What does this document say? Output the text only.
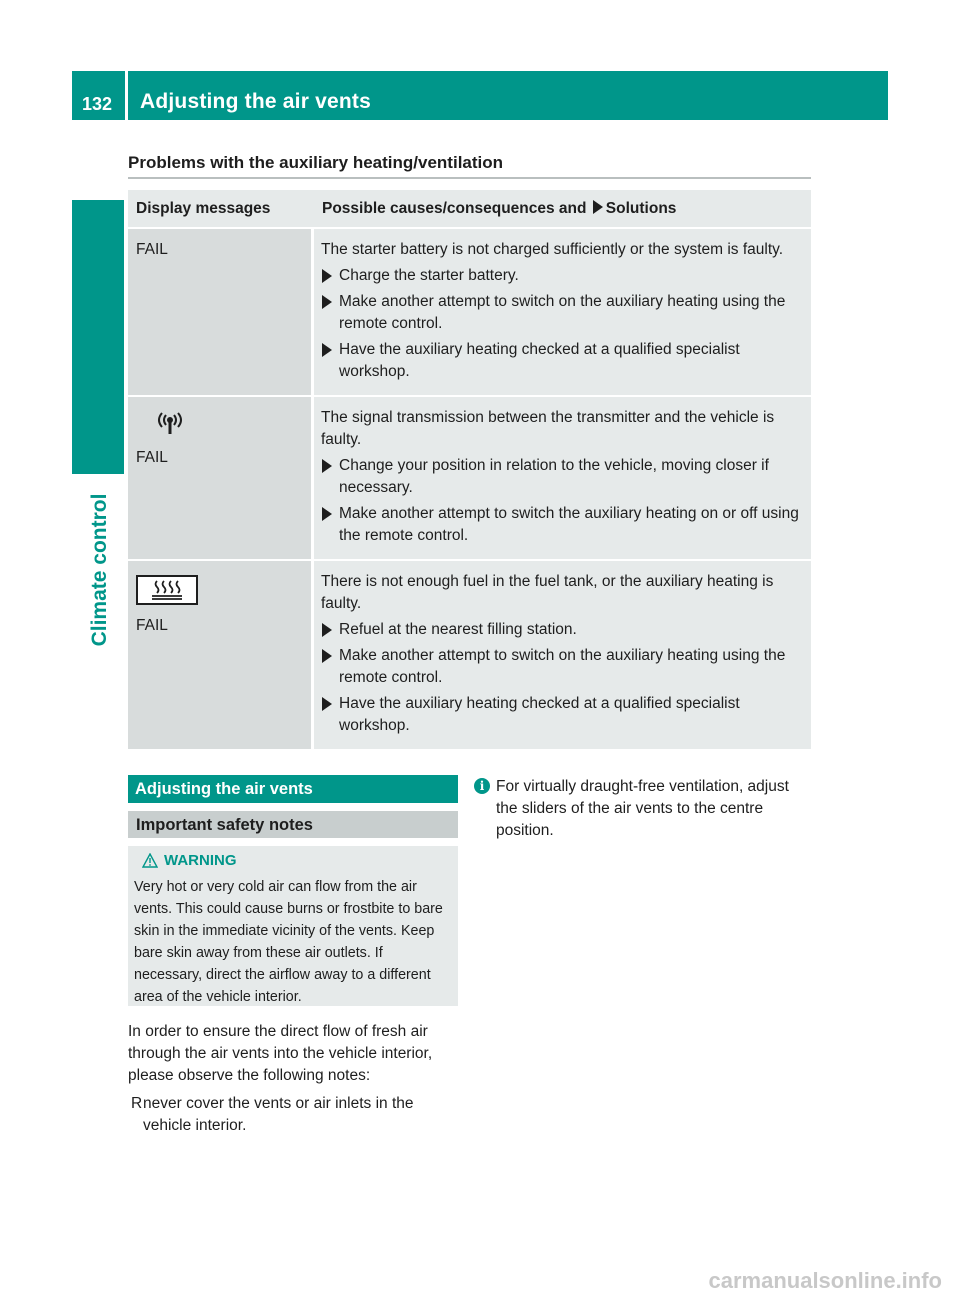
132 Adjusting the air vents
Climate control
Problems with the auxiliary heating/ventilation
Display messages	Possible causes/consequences and Solutions

FAIL	The starter battery is not charged sufficiently or the system is faulty.

Charge the starter battery.
Make another attempt to switch on the auxiliary heating using the remote control.
Have the auxiliary heating checked at a qualified specialist workshop.

FAIL	The signal transmission between the transmitter and the vehicle is faulty.

Change your position in relation to the vehicle, moving closer if necessary.
Make another attempt to switch the auxiliary heating on or off using the remote control.

FAIL	There is not enough fuel in the fuel tank, or the auxiliary heating is faulty.

Refuel at the nearest filling station.
Make another attempt to switch on the auxiliary heating using the remote control.
Have the auxiliary heating checked at a qualified specialist workshop.
Adjusting the air vents
Important safety notes
WARNING
Very hot or very cold air can flow from the air vents. This could cause burns or frostbite to bare skin in the immediate vicinity of the vents. Keep bare skin away from these air outlets. If necessary, direct the airflow away to a different area of the vehicle interior.
In order to ensure the direct flow of fresh air through the air vents into the vehicle interior, please observe the following notes:
R never cover the vents or air inlets in the vehicle interior.
i For virtually draught-free ventilation, adjust the sliders of the air vents to the centre position.
carmanualsonline.info
